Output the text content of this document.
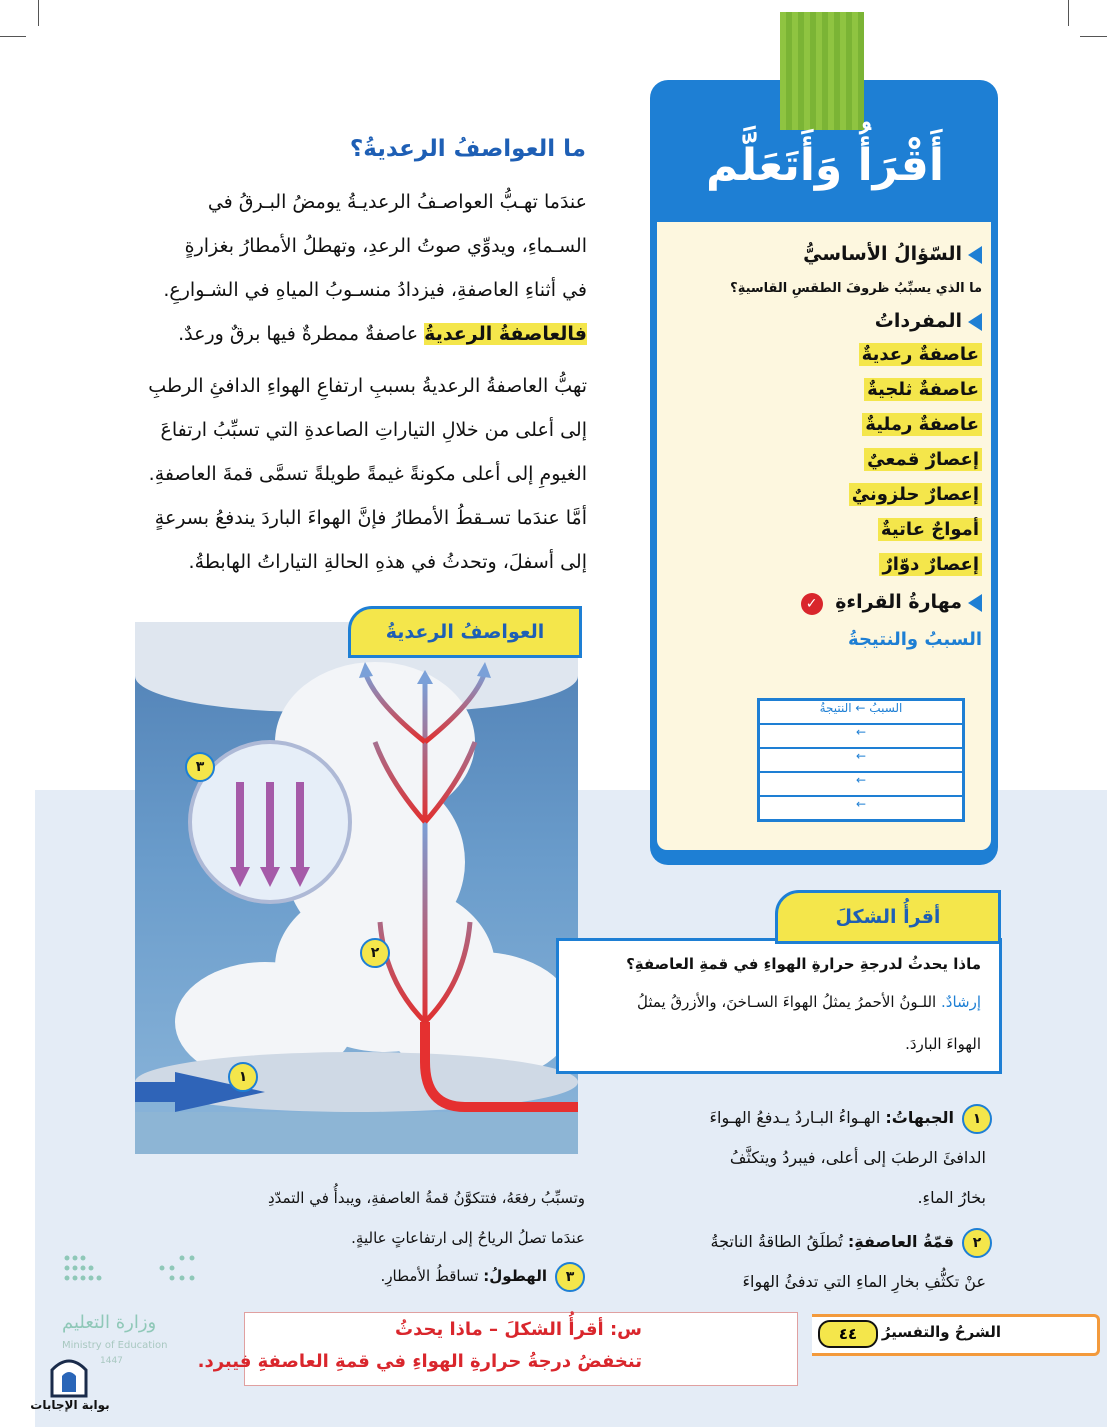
أَقْرَأُ وَأَتَعَلَّم
السّؤالُ الأساسيُّ
ما الذي يسبِّبُ ظروفَ الطقسِ القاسيةِ؟
المفرداتُ
عاصفةٌ رعديةٌ
عاصفةٌ ثلجيةٌ
عاصفةٌ رمليةٌ
إعصارٌ قمعيٌ
إعصارٌ حلزونيٌ
أمواجٌ عاتيةٌ
إعصارٌ دوّارٌ
مهارةُ القراءةِ ✓
السببُ والنتيجةُ
السببُ ← النتيجةُ
←
←
←
←
ما العواصفُ الرعديةُ؟
عندَما تهـبُّ العواصـفُ الرعديـةُ يومضُ البـرقُ في
السـماءِ، ويدوِّي صوتُ الرعدِ، وتهطلُ الأمطارُ بغزارةٍ
في أثناءِ العاصفةِ، فيزدادُ منسـوبُ المياهِ في الشـوارعِ.
فالعاصفةُ الرعديةُ عاصفةٌ ممطرةٌ فيها برقٌ ورعدٌ.
تهبُّ العاصفةُ الرعديةُ بسببِ ارتفاعِ الهواءِ الدافئِ الرطبِ
إلى أعلى من خلالِ التياراتِ الصاعدةِ التي تسبِّبُ ارتفاعَ
الغيومِ إلى أعلى مكونةً غيمةً طويلةً تسمَّى قمةَ العاصفةِ.
أمَّا عندَما تسـقطُ الأمطارُ فإنَّ الهواءَ الباردَ يندفعُ بسرعةٍ
إلى أسفلَ، وتحدثُ في هذهِ الحالةِ التياراتُ الهابطةُ.
العواصفُ الرعديةُ
٣
٢
١
ماذا يحدثُ لدرجةِ حرارةِ الهواءِ في قمةِ العاصفةِ؟
إرشادٌ. اللـونُ الأحمرُ يمثلُ الهواءَ السـاخنَ، والأزرقُ يمثلُ
الهواءَ الباردَ.
أقرأُ الشكلَ
١الجبهاتُ: الهـواءُ البـاردُ يـدفعُ الهـواءَ
الدافئَ الرطبَ إلى أعلى، فيبردُ ويتكثَّفُ
بخارُ الماءِ.
٢قمّةُ العاصفةِ: تُطلَقُ الطاقةُ الناتجةُ
عنْ تكثُّفِ بخارِ الماءِ التي تدفئُ الهواءَ
وتسبِّبُ رفعَهُ، فتتكوَّنُ قمةُ العاصفةِ، ويبدأُ في التمدّدِ
عندَما تصلُ الرياحُ إلى ارتفاعاتٍ عاليةٍ.
٣الهطولُ: تساقطُ الأمطارِ.
وزارة التعليم
Ministry of Education
1447
بوابة الإجابات
س: أقرأُ الشكلَ – ماذا يحدثُ
تنخفضُ درجةُ حرارةِ الهواءِ في قمةِ العاصفةِ فيبرد.
الشرحُ والتفسيرُ
٤٤
